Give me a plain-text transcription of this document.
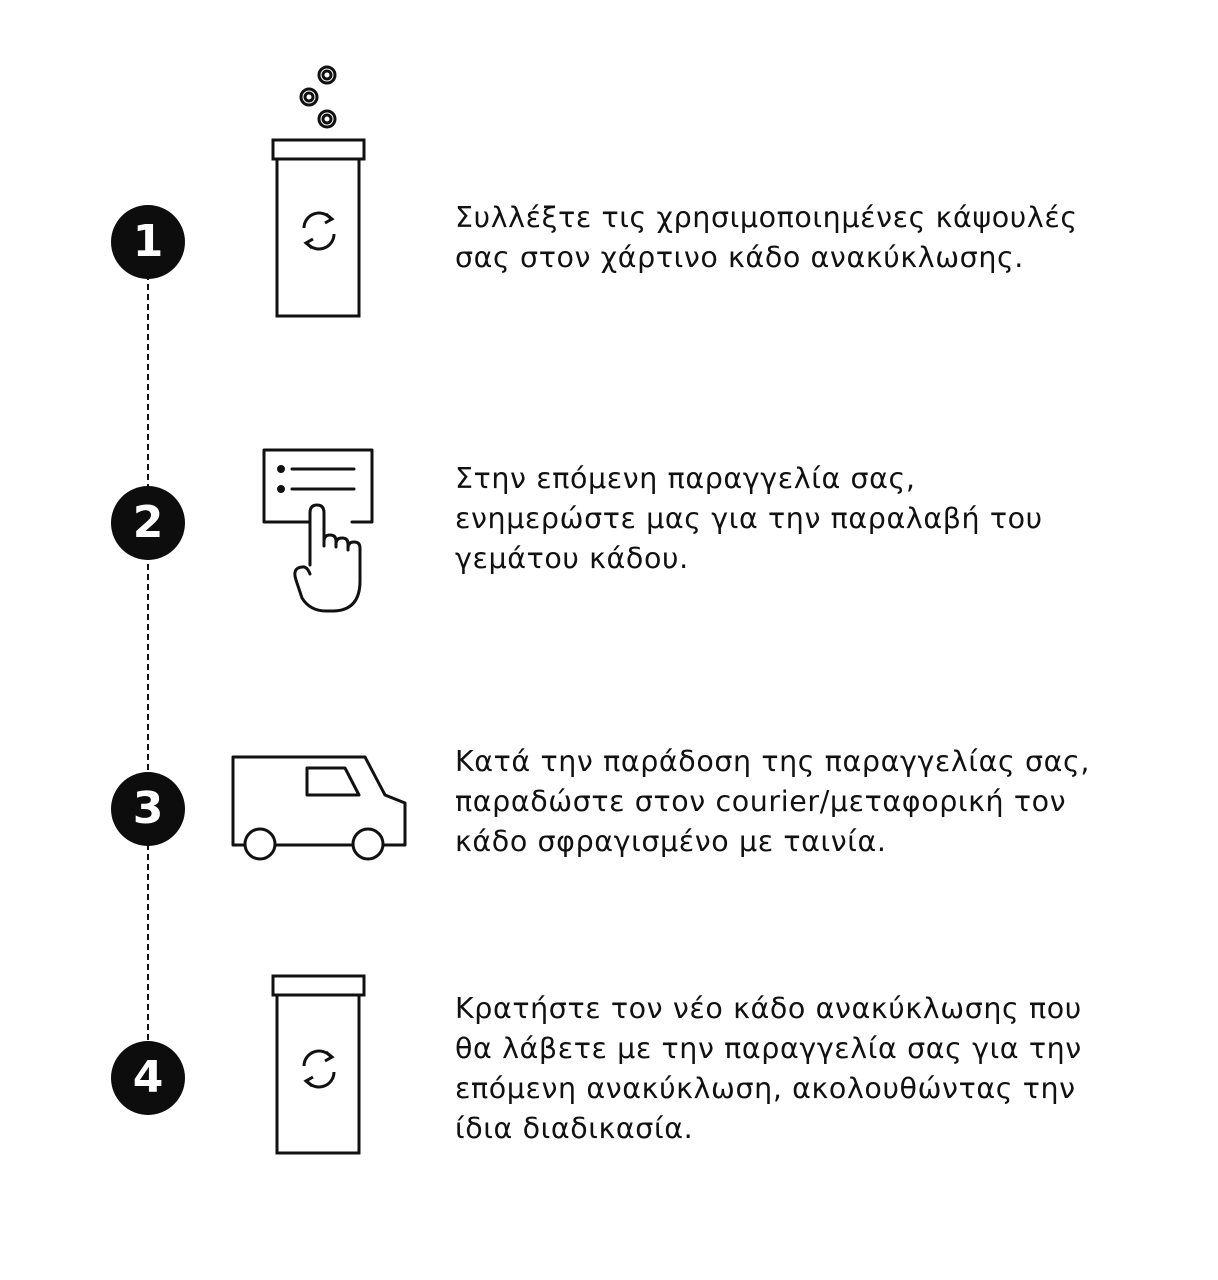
1	Συλλέξτε τις χρησιμοποιημένες κάψουλές
σας στον χάρτινο κάδο ανακύκλωσης.

2

Στην επόμενη παραγγελία σας,
ενημερώστε μας για την παραλαβή του
γεμάτου κάδου.

3

Κατά την παράδοση της παραγγελίας σας,
παραδώστε στον courier/μεταφορική τον
κάδο σφραγισμένο με ταινία.

4

Κρατήστε τον νέο κάδο ανακύκλωσης που
θα λάβετε με την παραγγελία σας για την
επόμενη ανακύκλωση, ακολουθώντας την
ίδια διαδικασία.
